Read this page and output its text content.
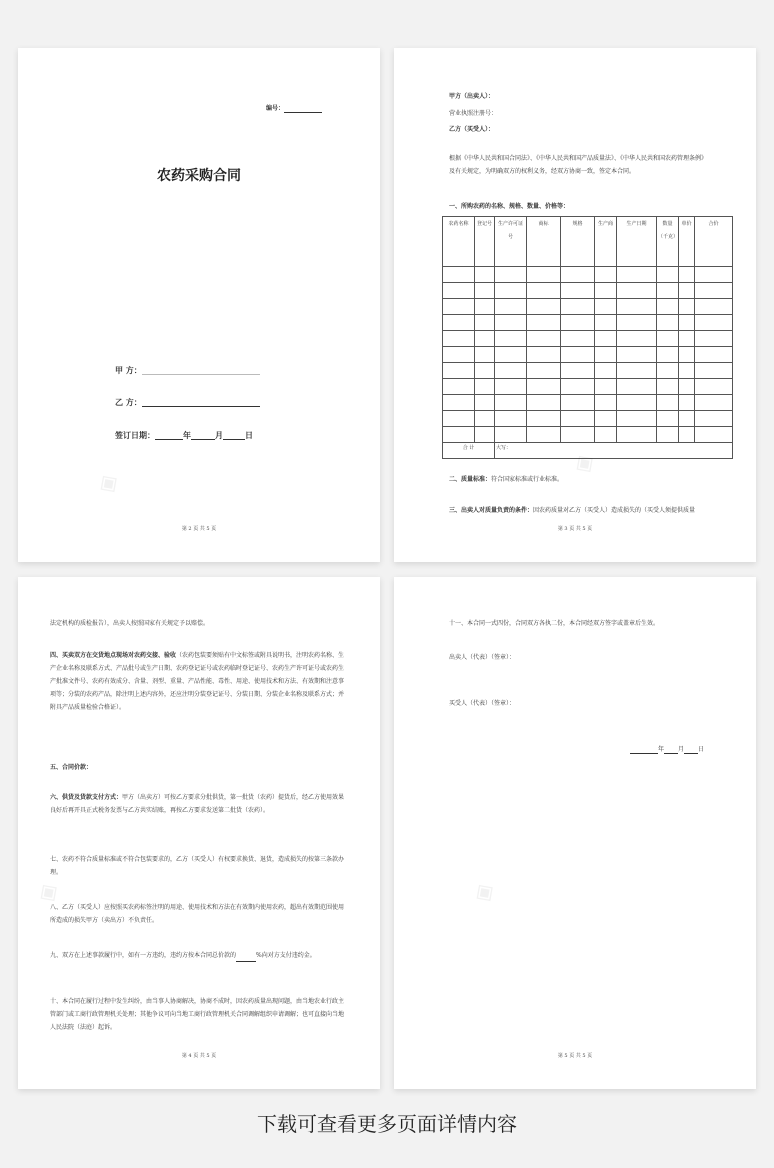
编号：
农药采购合同
甲 方：
乙 方：
签订日期：	年	月	日
◈
第 2 页 共 5 页
甲方（出卖人）：
营业执照注册号：
乙方（买受人）：
根据《中华人民共和国合同法》、《中华人民共和国产品质量法》、《中华人民共和国农药管理条例》及有关规定，为明确双方的权利义务，经双方协商一致，签定本合同。
一、所购农药的名称、规格、数量、价格等：
农药名称	登记号	生产许可证号	商标	规格	生产商	生产日期	数量（千克）	单价	合价

合 计		大写：							
二、质量标准：符合国家标准或行业标准。
三、出卖人对质量负责的条件：因农药质量对乙方（买受人）造成损失的（买受人须提供质量
◈
第 3 页 共 5 页
法定机构的质检报告），出卖人按照国家有关规定予以赔偿。
四、买卖双方在交货地点现场对农药交接、验收（农药包装要须贴有中文标签或附具说明书，注明农药名称、生产企业名称及联系方式、产品批号或生产日期、农药登记证号或农药临时登记证号、农药生产许可证号或农药生产批准文件号、农药有效成分、含量、剂型、重量、产品性能、毒性、用途、使用技术和方法、有效期和注意事项等；分装的农药产品，除注明上述内容外，还应注明分装登记证号、分装日期、分装企业名称及联系方式；并附具产品质量检验合格证）。
五、合同价款：
六、供货及货款支付方式：甲方（出卖方）可按乙方要求分批供货，第一批货（农药）提货后，经乙方使用效果良好后再开具正式税务发票与乙方共实结账，再按乙方要求发送第二批货（农药）。
七、农药不符合质量标准或不符合包装要求的，乙方（买受人）有权要求换货、退货，造成损失的按第三条款办理。
八、乙方（买受人）应按照买农药标签注明的用途、使用技术和方法在有效期内使用农药，超出有效期范围使用所造成的损失甲方（卖出方）不负责任。
九、双方在上述事款履行中，如有一方违约，违约方按本合同总价款的	%向对方支付违约金。
十、本合同在履行过程中发生纠纷，由当事人协商解决，协商不成时，因农药质量出现问题，由当地农业行政主管部门或工商行政管理机关处理；其他争议可向当地工商行政管理机关合同调解组织申请调解；也可直接向当地人民法院（法庭）起诉。
◈
第 4 页 共 5 页
十一、本合同一式四份，合同双方各执二份，本合同经双方签字或盖章后生效。
出卖人（代表）（签章）：
买受人（代表）（签章）：
年 月 日
◈
第 5 页 共 5 页
下载可查看更多页面详情内容
